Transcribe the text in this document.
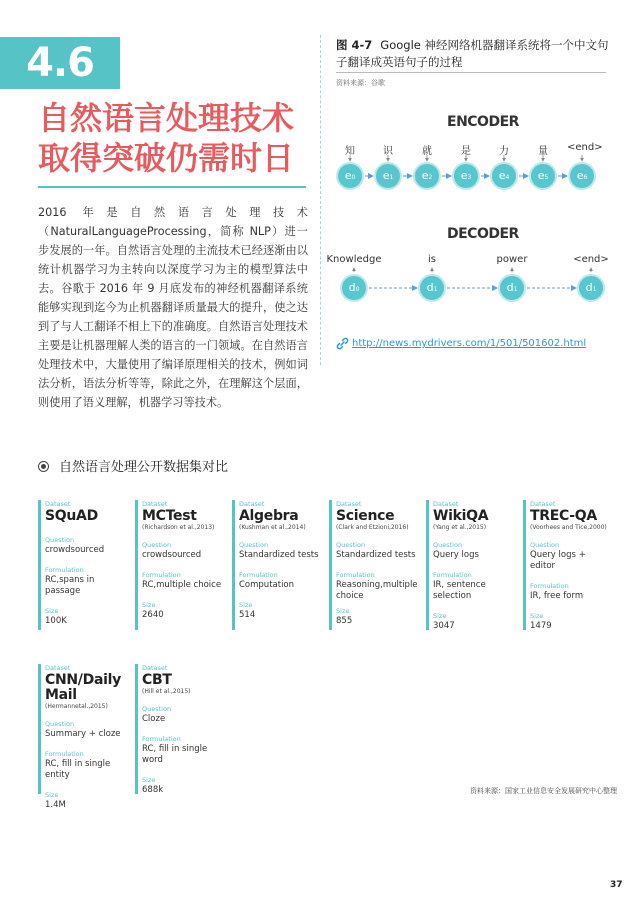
4.6
自然语言处理技术
取得突破仍需时日
2016 年是自然语言处理技术（NaturalLanguageProcessing，简称 NLP）进一步发展的一年。自然语言处理的主流技术已经逐渐由以统计机器学习为主转向以深度学习为主的模型算法中去。谷歌于 2016 年 9 月底发布的神经机器翻译系统能够实现到迄今为止机器翻译质量最大的提升，使之达到了与人工翻译不相上下的准确度。自然语言处理技术主要是让机器理解人类的语言的一门领域。在自然语言处理技术中，大量使用了编译原理相关的技术，例如词法分析，语法分析等等，除此之外，在理解这个层面，则使用了语义理解，机器学习等技术。
图 4-7 Google 神经网络机器翻译系统将一个中文句子翻译成英语句子的过程
资料来源：谷歌
ENCODER
DECODER
知
e0
识
e1
就
e2
是
e3
力
e4
量
e5
<end>
e6
Knowledge
d0
is
d1
power
d1
<end>
d1
http://news.mydrivers.com/1/501/501602.html
自然语言处理公开数据集对比
Dataset
SQuAD
Question
crowdsourced
Formulation
RC,spans in passage
Size
100K
Dataset
MCTest
(Richardson et al.,2013)
Question
crowdsourced
Formulation
RC,multiple choice
Size
2640
Dataset
Algebra
(Kushman et al.,2014)
Question
Standardized tests
Formulation
Computation
Size
514
Dataset
Science
(Clark and Etzioni,2016)
Question
Standardized tests
Formulation
Reasoning,multiple choice
Size
855
Dataset
WikiQA
(Yang et al.,2015)
Question
Query logs
Formulation
IR, sentence selection
Size
3047
Dataset
TREC-QA
(Voorhees and Tice,2000)
Question
Query logs + editor
Formulation
IR, free form
Size
1479
Dataset
CNN/Daily Mail
(Hermannetal.,2015)
Question
Summary + cloze
Formulation
RC, fill in single entity
Size
1.4M
Dataset
CBT
(Hill et al.,2015)
Question
Cloze
Formulation
RC, fill in single word
Size
688k	资料来源：国家工业信息安全发展研究中心整理
37
